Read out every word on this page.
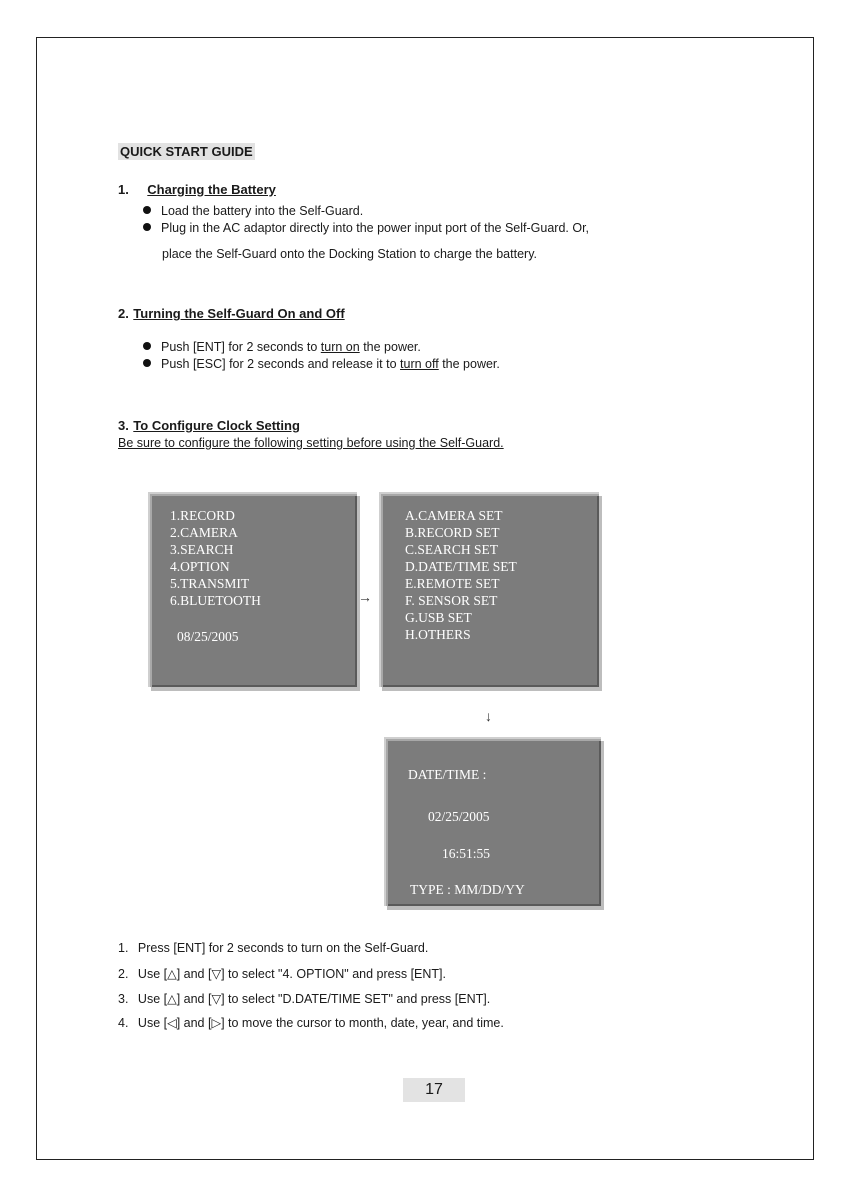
QUICK START GUIDE
1. Charging the Battery
Load the battery into the Self-Guard.
Plug in the AC adaptor directly into the power input port of the Self-Guard. Or,
place the Self-Guard onto the Docking Station to charge the battery.
2. Turning the Self-Guard On and Off
Push [ENT] for 2 seconds to turn on the power.
Push [ESC] for 2 seconds and release it to turn off the power.
3. To Configure Clock Setting
Be sure to configure the following setting before using the Self-Guard.
1.RECORD
2.CAMERA
3.SEARCH
4.OPTION
5.TRANSMIT
6.BLUETOOTH
08/25/2005
→
A.CAMERA SET
B.RECORD SET
C.SEARCH SET
D.DATE/TIME SET
E.REMOTE SET
F. SENSOR SET
G.USB SET
H.OTHERS
↓
DATE/TIME :
02/25/2005
16:51:55
TYPE : MM/DD/YY
1. Press [ENT] for 2 seconds to turn on the Self-Guard.
2. Use [△] and [▽] to select "4. OPTION" and press [ENT].
3. Use [△] and [▽] to select "D.DATE/TIME SET" and press [ENT].
4. Use [◁] and [▷] to move the cursor to month, date, year, and time.
17
